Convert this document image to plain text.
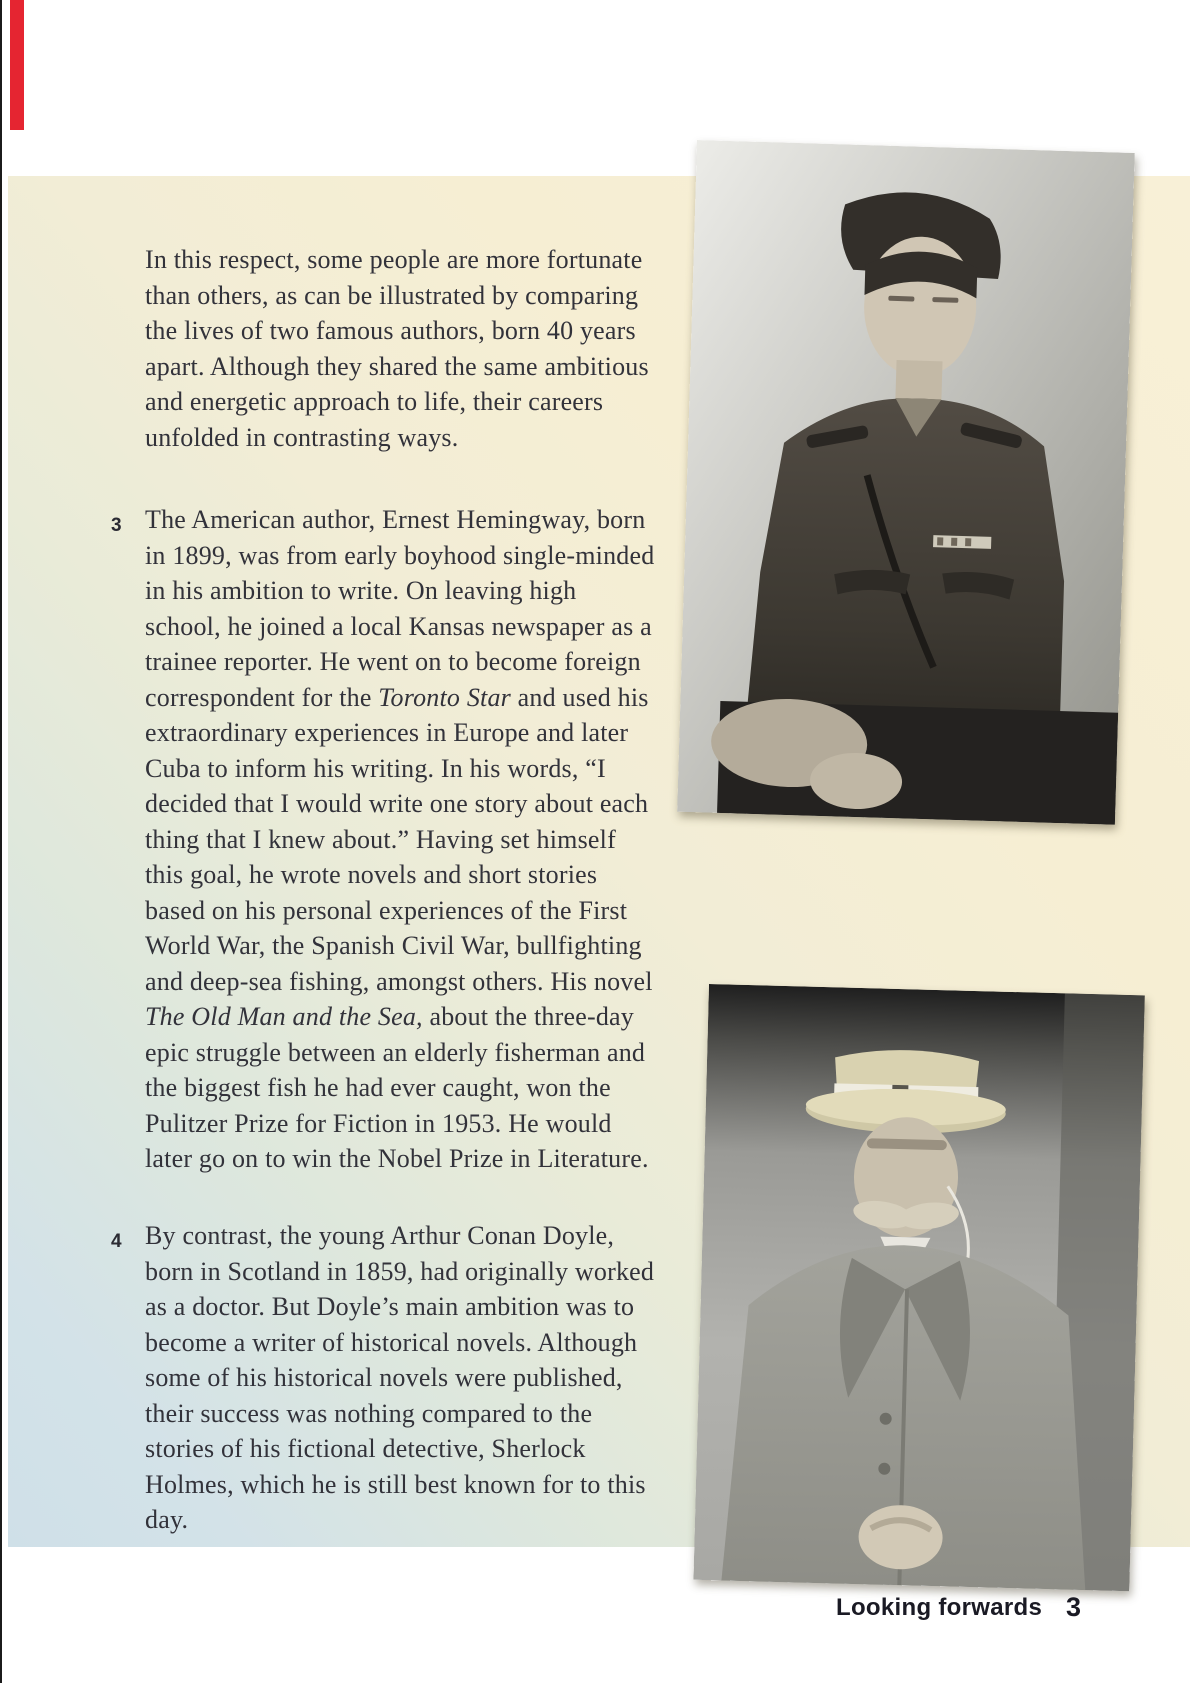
In this respect, some people are more fortunate than others, as can be illustrated by comparing the lives of two famous authors, born 40 years apart. Although they shared the same ambitious and energetic approach to life, their careers unfolded in contrasting ways.
3 The American author, Ernest Hemingway, born in 1899, was from early boyhood single-minded in his ambition to write. On leaving high school, he joined a local Kansas newspaper as a trainee reporter. He went on to become foreign correspondent for the Toronto Star and used his extraordinary experiences in Europe and later Cuba to inform his writing. In his words, “I decided that I would write one story about each thing that I knew about.” Having set himself this goal, he wrote novels and short stories based on his personal experiences of the First World War, the Spanish Civil War, bullfighting and deep-sea fishing, amongst others. His novel The Old Man and the Sea, about the three-day epic struggle between an elderly fisherman and the biggest fish he had ever caught, won the Pulitzer Prize for Fiction in 1953. He would later go on to win the Nobel Prize in Literature.
4 By contrast, the young Arthur Conan Doyle, born in Scotland in 1859, had originally worked as a doctor. But Doyle’s main ambition was to become a writer of historical novels. Although some of his historical novels were published, their success was nothing compared to the stories of his fictional detective, Sherlock Holmes, which he is still best known for to this day.
Looking forwards 3
